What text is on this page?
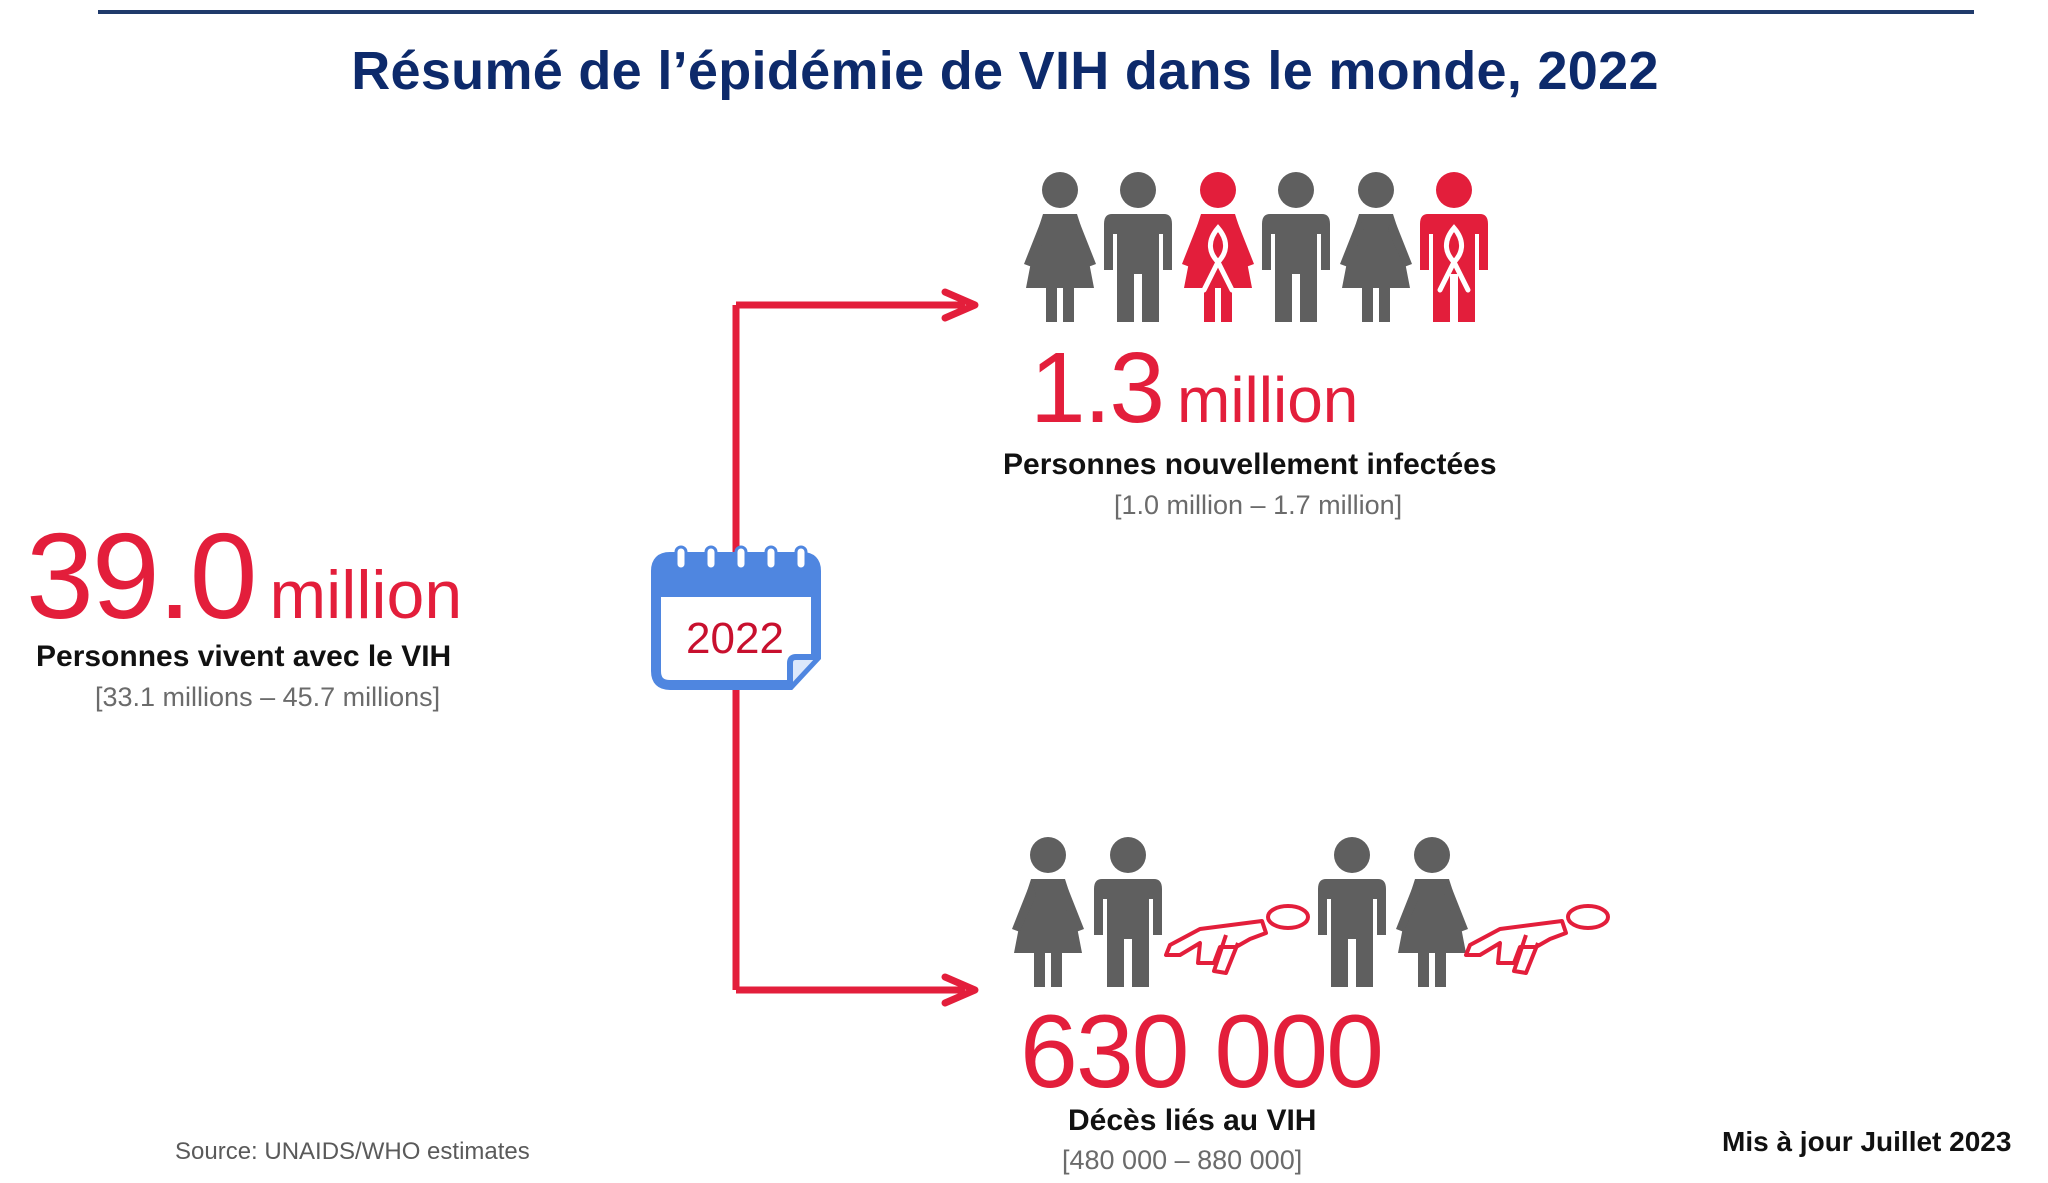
Résumé de l’épidémie de VIH dans le monde, 2022
2022
39.0 million
Personnes vivent avec le VIH
[33.1 millions – 45.7 millions]
1.3 million
Personnes nouvellement infectées
[1.0 million – 1.7 million]
630 000
Décès liés au VIH
[480 000 – 880 000]
Source: UNAIDS/WHO estimates	Mis à jour Juillet 2023
